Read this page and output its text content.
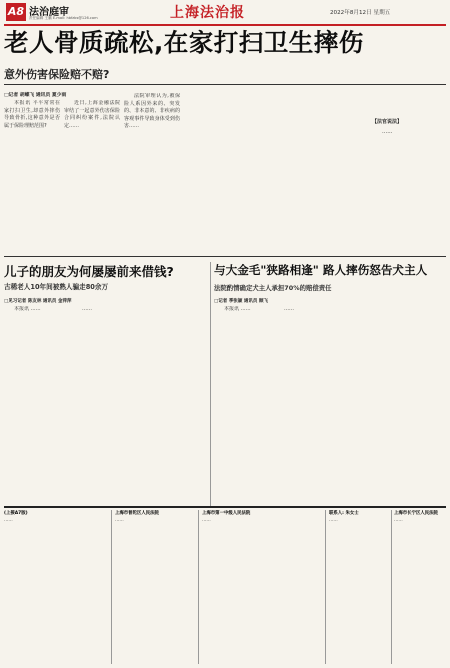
A8 法治庭审
责任编辑 王鹏 E-mail: hbfzbs@126.com	上海法治报	2022年8月12日 星期五
老人骨质疏松,在家打扫卫生摔伤
意外伤害保险赔不赔?
□记者 胡蝶飞 通讯员 夏少雨

本报讯 平平常常在家打扫卫生,却意外摔伤导致骨折,这种意外是否属于保险理赔范围?

近日,上海金融法院审结了一起意外伤害保险合同纠纷案件,法院认定……

法院审理认为,被保险人系因外来的、突发的、非本意的、非疾病的客观事件导致身体受到伤害……

【法官说法】

……

儿子的朋友为何屡屡前来借钱?
古稀老人10年间被熟人骗走80余万
□见习记者 陈友林 通讯员 金萍萍

本报讯 ……	……

与大金毛"狭路相逢" 路人摔伤怒告犬主人
法院酌情确定犬主人承担70%的赔偿责任
□记者 季张颖 通讯员 顾飞

本报讯 ……	……

(上接A7版)
……
上海市普陀区人民法院
……
上海市第一中级人民法院
……
联系人: 朱女士
……
上海市长宁区人民法院
……
